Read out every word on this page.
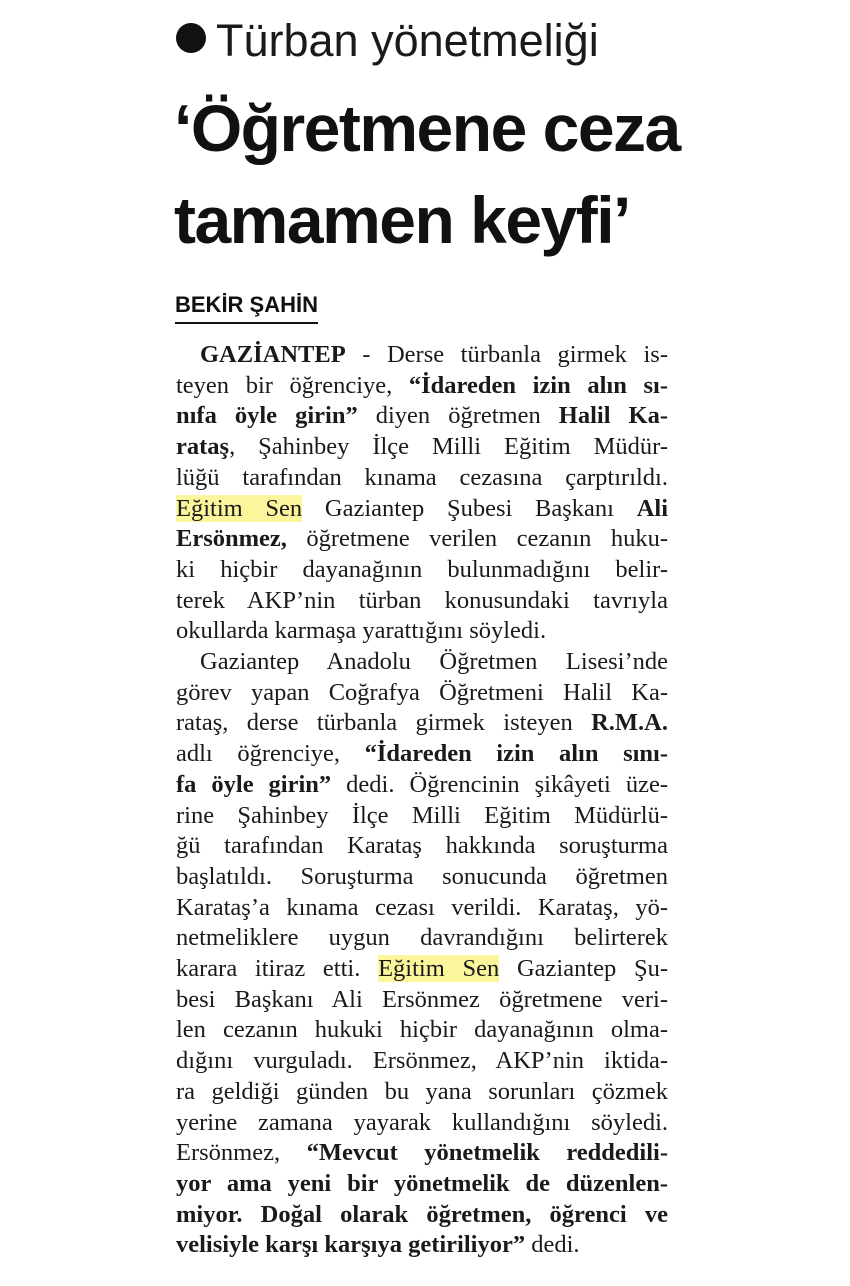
Türban yönetmeliği
‘Öğretmene ceza
tamamen keyfi’
BEKİR ŞAHİN
GAZİANTEP - Derse türbanla girmek is-
teyen bir öğrenciye, “İdareden izin alın sı-
nıfa öyle girin” diyen öğretmen Halil Ka-
rataş, Şahinbey İlçe Milli Eğitim Müdür-
lüğü tarafından kınama cezasına çarptırıldı.
Eğitim Sen Gaziantep Şubesi Başkanı Ali
Ersönmez, öğretmene verilen cezanın huku-
ki hiçbir dayanağının bulunmadığını belir-
terek AKP’nin türban konusundaki tavrıyla
okullarda karmaşa yarattığını söyledi.
Gaziantep Anadolu Öğretmen Lisesi’nde
görev yapan Coğrafya Öğretmeni Halil Ka-
rataş, derse türbanla girmek isteyen R.M.A.
adlı öğrenciye, “İdareden izin alın sını-
fa öyle girin” dedi. Öğrencinin şikâyeti üze-
rine Şahinbey İlçe Milli Eğitim Müdürlü-
ğü tarafından Karataş hakkında soruşturma
başlatıldı. Soruşturma sonucunda öğretmen
Karataş’a kınama cezası verildi. Karataş, yö-
netmeliklere uygun davrandığını belirterek
karara itiraz etti. Eğitim Sen Gaziantep Şu-
besi Başkanı Ali Ersönmez öğretmene veri-
len cezanın hukuki hiçbir dayanağının olma-
dığını vurguladı. Ersönmez, AKP’nin iktida-
ra geldiği günden bu yana sorunları çözmek
yerine zamana yayarak kullandığını söyledi.
Ersönmez, “Mevcut yönetmelik reddedili-
yor ama yeni bir yönetmelik de düzenlen-
miyor. Doğal olarak öğretmen, öğrenci ve
velisiyle karşı karşıya getiriliyor” dedi.
